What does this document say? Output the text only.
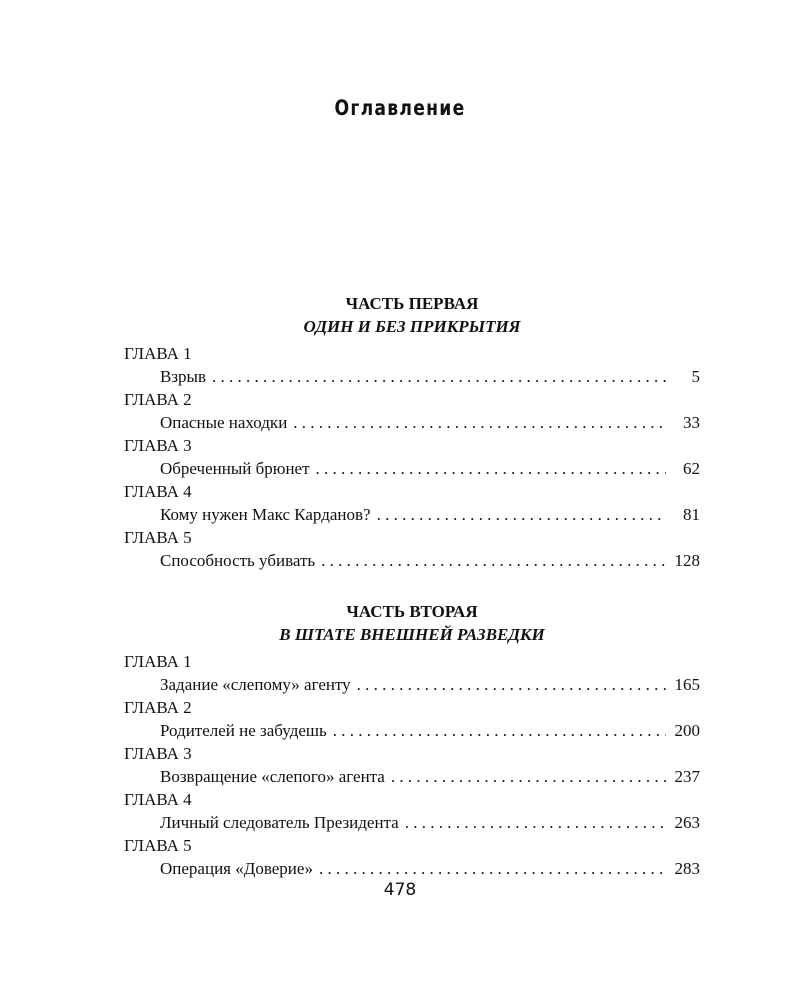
Оглавление
ЧАСТЬ ПЕРВАЯ
ОДИН И БЕЗ ПРИКРЫТИЯ
ГЛАВА 1
Взрыв . . .	5
ГЛАВА 2
Опасные находки . . .	33
ГЛАВА 3
Обреченный брюнет . . .	62
ГЛАВА 4
Кому нужен Макс Карданов? . . .	81
ГЛАВА 5
Способность убивать . . .	128
ЧАСТЬ ВТОРАЯ
В ШТАТЕ ВНЕШНЕЙ РАЗВЕДКИ
ГЛАВА 1
Задание «слепому» агенту . . .	165
ГЛАВА 2
Родителей не забудешь . . .	200
ГЛАВА 3
Возвращение «слепого» агента . . .	237
ГЛАВА 4
Личный следователь Президента . . .	263
ГЛАВА 5
Операция «Доверие» . . .	283
478
